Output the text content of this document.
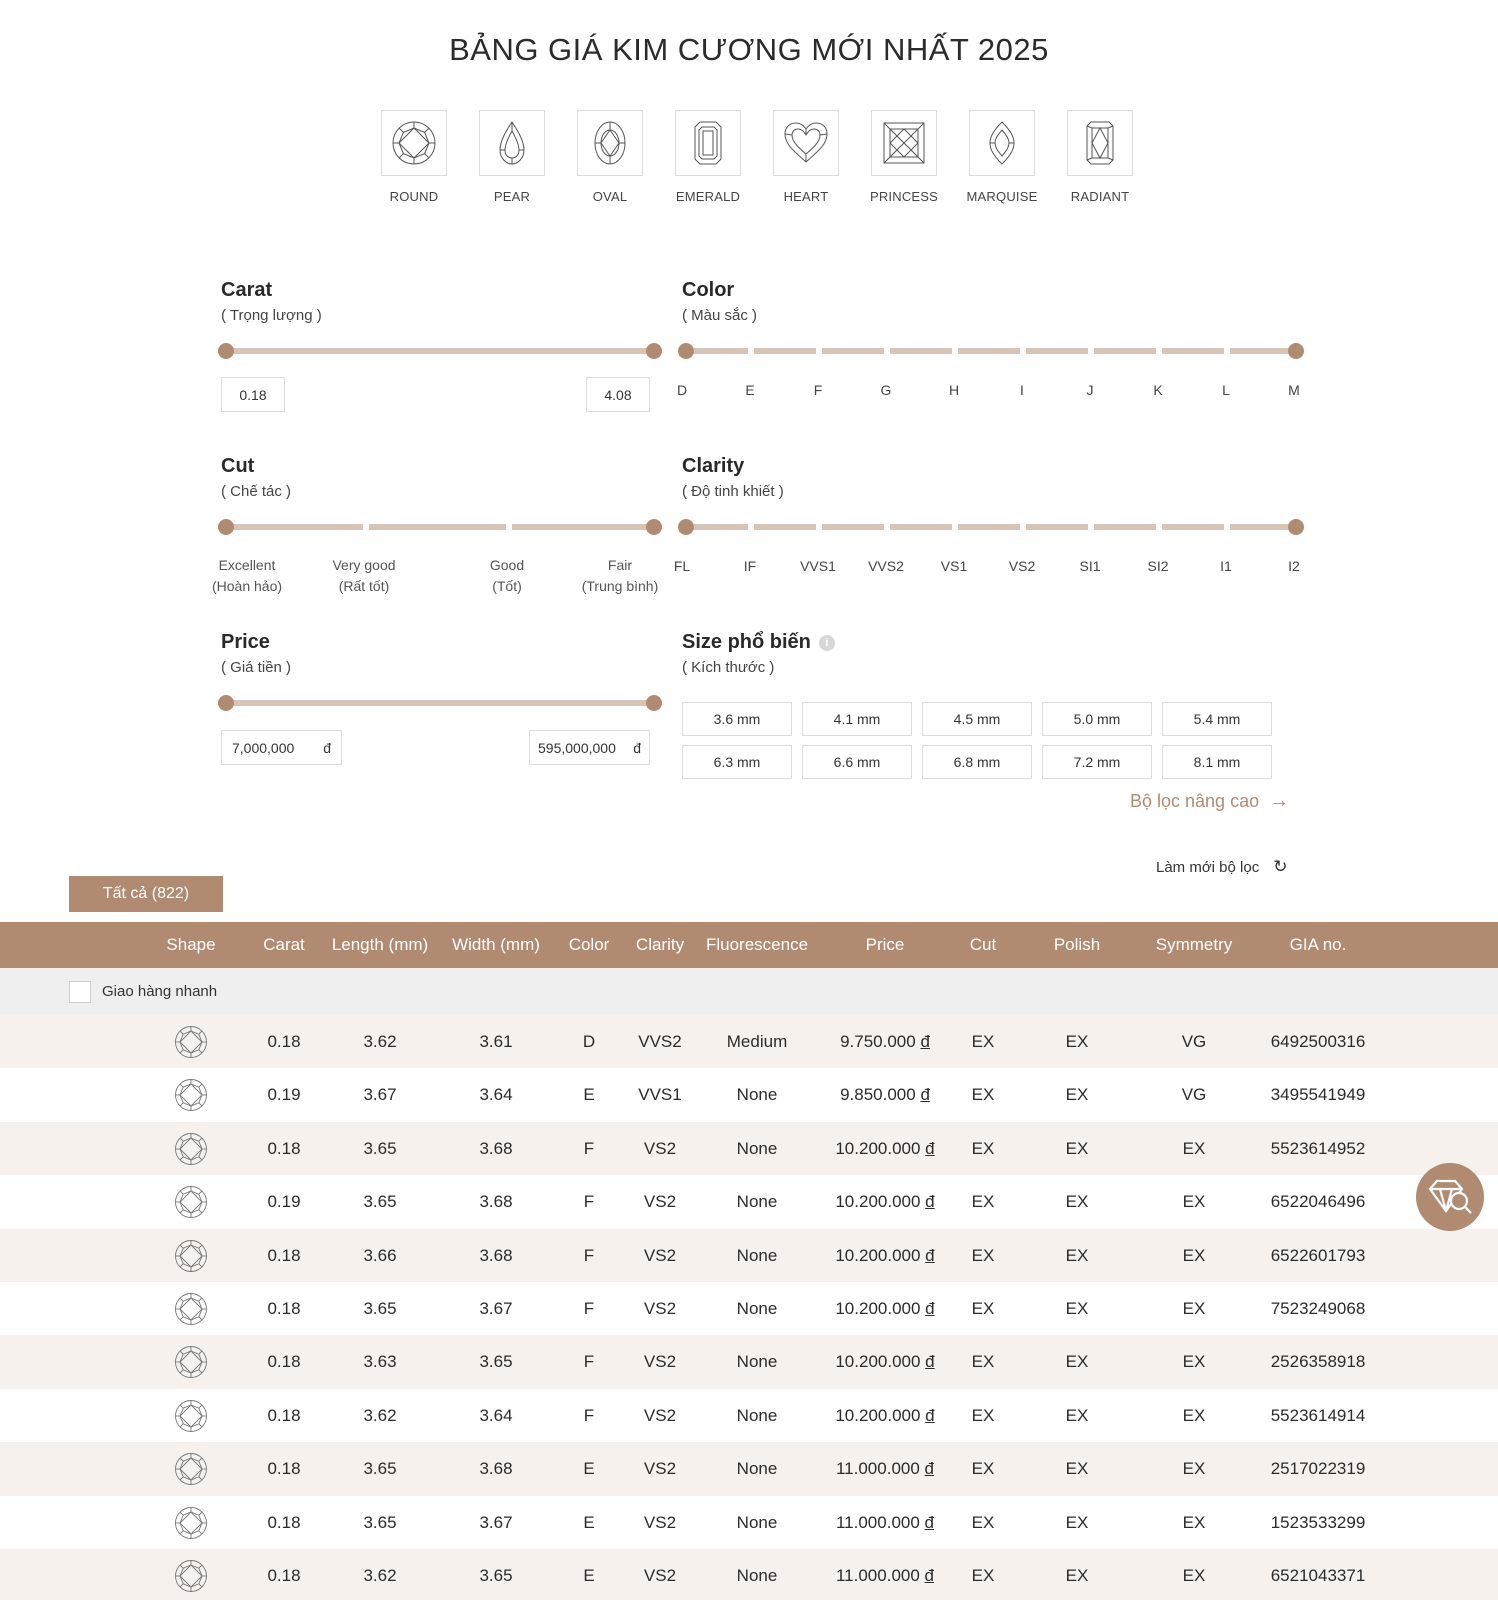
BẢNG GIÁ KIM CƯƠNG MỚI NHẤT 2025
ROUND	PEAR	OVAL	EMERALD	HEART	PRINCESS	MARQUISE	RADIANT
Carat
( Trọng lượng )
0.18	4.08
Color
( Màu sắc )
D	E	F	G	H	I	J	K	L	M
Cut
( Chế tác )
Excellent
(Hoàn hảo)
Very good
(Rất tốt)
Good
(Tốt)
Fair
(Trung bình)
Clarity
( Độ tinh khiết )
FL	IF	VVS1 VVS2	VS1	VS2	SI1	SI2	I1	I2
Price
( Giá tiền )
7,000,000 đ	595,000,000 đ
Size phổ biến i
( Kích thước )
3.6 mm	4.1 mm	4.5 mm	5.0 mm	5.4 mm
6.3 mm	6.6 mm	6.8 mm	7.2 mm	8.1 mm
Bộ lọc nâng cao →
Làm mới bộ lọc ↻
Tất cả (822)
Shape	Carat Length (mm) Width (mm) Color Clarity Fluorescence	Price	Cut	Polish	Symmetry	GIA no.
Giao hàng nhanh
0.18	3.62	3.61	D	VVS2	Medium	9.750.000 đ EX	EX	VG	6492500316
0.19	3.67	3.64	E	VVS1	None	9.850.000 đ EX	EX	VG	3495541949
0.18	3.65	3.68	F	VS2	None	10.200.000 đ EX	EX	EX	5523614952
0.19	3.65	3.68	F	VS2	None	10.200.000 đ EX	EX	EX	6522046496
0.18	3.66	3.68	F	VS2	None	10.200.000 đ EX	EX	EX	6522601793
0.18	3.65	3.67	F	VS2	None	10.200.000 đ EX	EX	EX	7523249068
0.18	3.63	3.65	F	VS2	None	10.200.000 đ EX	EX	EX	2526358918
0.18	3.62	3.64	F	VS2	None	10.200.000 đ EX	EX	EX	5523614914
0.18	3.65	3.68	E	VS2	None	11.000.000 đ EX	EX	EX	2517022319
0.18	3.65	3.67	E	VS2	None	11.000.000 đ EX	EX	EX	1523533299
0.18	3.62	3.65	E	VS2	None	11.000.000 đ EX	EX	EX	6521043371
